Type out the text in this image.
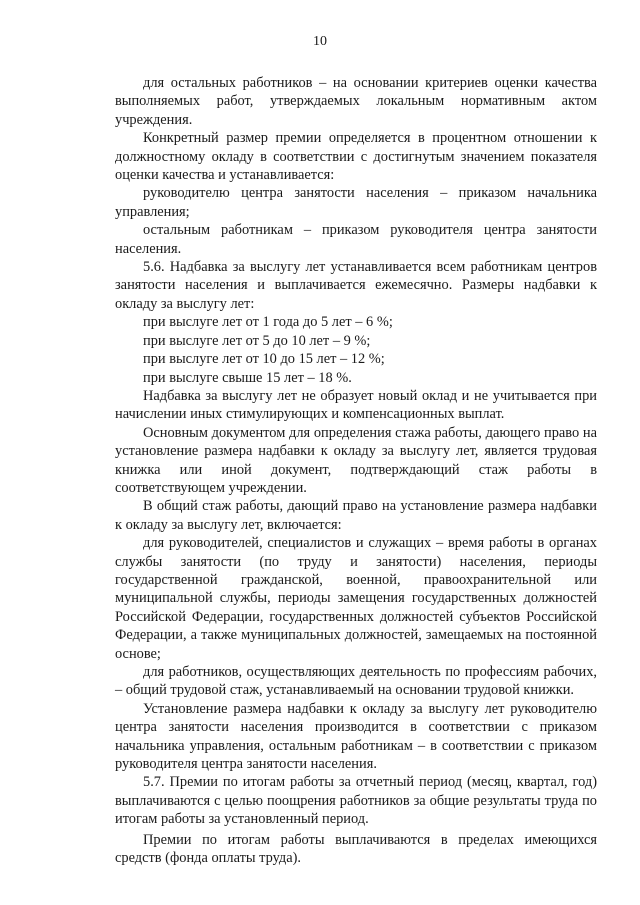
10

для остальных работников – на основании критериев оценки качества выполняемых работ, утверждаемых локальным нормативным актом учреждения.

Конкретный размер премии определяется в процентном отношении к должностному окладу в соответствии с достигнутым значением показателя оценки качества и устанавливается:

руководителю центра занятости населения – приказом начальника управления;

остальным работникам – приказом руководителя центра занятости населения.

5.6. Надбавка за выслугу лет устанавливается всем работникам центров занятости населения и выплачивается ежемесячно. Размеры надбавки к окладу за выслугу лет:

при выслуге лет от 1 года до 5 лет – 6 %;

при выслуге лет от 5 до 10 лет – 9 %;

при выслуге лет от 10 до 15 лет – 12 %;

при выслуге свыше 15 лет – 18 %.

Надбавка за выслугу лет не образует новый оклад и не учитывается при начислении иных стимулирующих и компенсационных выплат.

Основным документом для определения стажа работы, дающего право на установление размера надбавки к окладу за выслугу лет, является трудовая книжка или иной документ, подтверждающий стаж работы в соответствующем учреждении.

В общий стаж работы, дающий право на установление размера надбавки к окладу за выслугу лет, включается:

для руководителей, специалистов и служащих – время работы в органах службы занятости (по труду и занятости) населения, периоды государственной гражданской, военной, правоохранительной или муниципальной службы, периоды замещения государственных должностей Российской Федерации, государственных должностей субъектов Российской Федерации, а также муниципальных должностей, замещаемых на постоянной основе;

для работников, осуществляющих деятельность по профессиям рабочих, – общий трудовой стаж, устанавливаемый на основании трудовой книжки.

Установление размера надбавки к окладу за выслугу лет руководителю центра занятости населения производится в соответствии с приказом начальника управления, остальным работникам – в соответствии с приказом руководителя центра занятости населения.

5.7. Премии по итогам работы за отчетный период (месяц, квартал, год) выплачиваются с целью поощрения работников за общие результаты труда по итогам работы за установленный период.

Премии по итогам работы выплачиваются в пределах имеющихся средств (фонда оплаты труда).
